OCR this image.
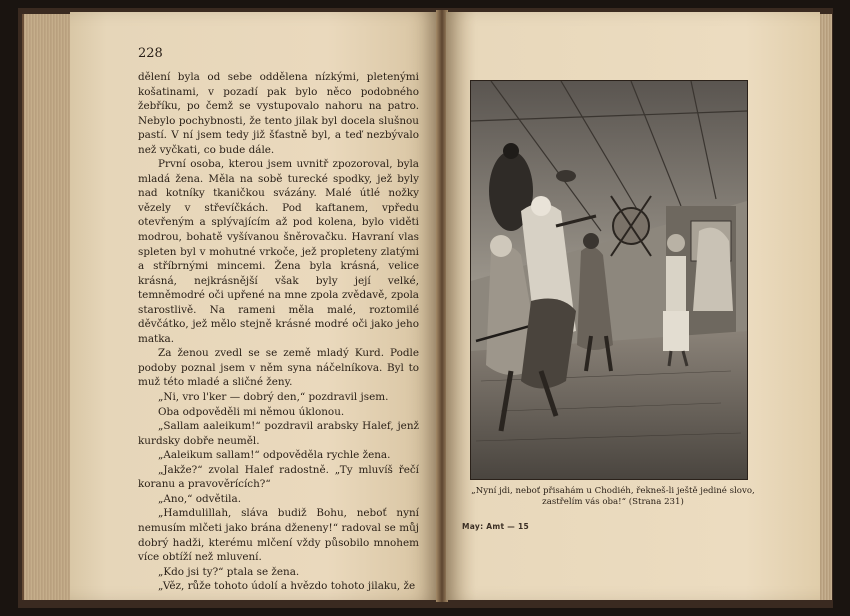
228

dělení byla od sebe oddělena nízkými, pletenými košatinami, v pozadí pak bylo něco podobného žebříku, po čemž se vystupovalo nahoru na patro. Nebylo pochybnosti, že tento jilak byl docela slušnou pastí. V ní jsem tedy již šťastně byl, a teď nezbývalo než vyčkati, co bude dále.

První osoba, kterou jsem uvnitř zpozoroval, byla mladá žena. Měla na sobě turecké spodky, jež byly nad kotníky tkaničkou svázány. Malé útlé nožky vězely v střevíčkách. Pod kaftanem, vpředu otevřeným a splývajícím až pod kolena, bylo viděti modrou, bohatě vyšívanou šněrovačku. Havraní vlas spleten byl v mohutné vrkoče, jež propleteny zlatými a stříbrnými mincemi. Žena byla krásná, velice krásná, nejkrásnější však byly její velké, temněmodré oči upřené na mne zpola zvědavě, zpola starostlivě. Na rameni měla malé, roztomilé děvčátko, jež mělo stejně krásné modré oči jako jeho matka.

Za ženou zvedl se se země mladý Kurd. Podle podoby poznal jsem v něm syna náčelníkova. Byl to muž této mladé a sličné ženy.

„Ni, vro l'ker — dobrý den,“ pozdravil jsem.

Oba odpověděli mi němou úklonou.

„Sallam aaleikum!“ pozdravil arabsky Halef, jenž kurdsky dobře neuměl.

„Aaleikum sallam!“ odpověděla rychle žena.

„Jakže?“ zvolal Halef radostně. „Ty mluvíš řečí koranu a pravověrících?“

„Ano,“ odvětila.

„Hamdulillah, sláva budiž Bohu, neboť nyní nemusím mlčeti jako brána dženeny!“ radoval se můj dobrý hadži, kterému mlčení vždy působilo mnohem více obtíží než mluvení.

„Kdo jsi ty?“ ptala se žena.

„Věz, růže tohoto údolí a hvězdo tohoto jilaku, že

„Nyní jdi, neboť přisahám u Chodiéh, řekneš-li ještě jediné slovo, zastřelím vás oba!“ (Strana 231)
May: Amt — 15
